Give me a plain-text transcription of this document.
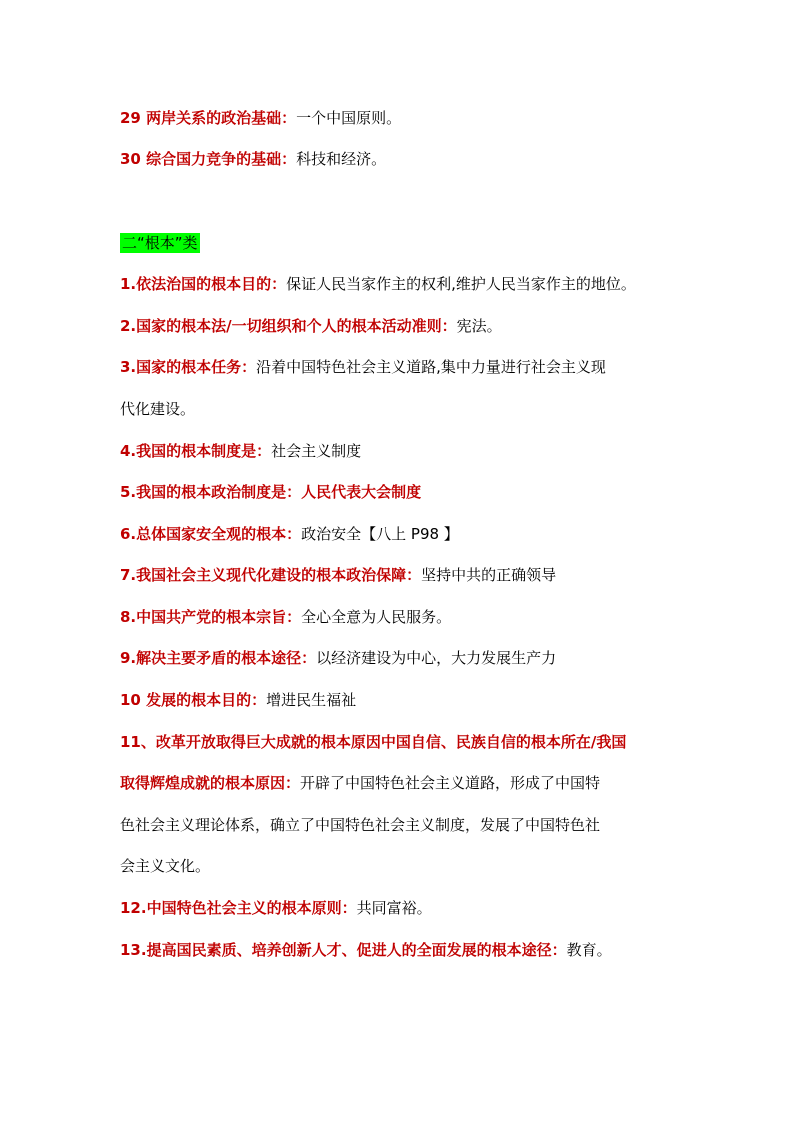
29 两岸关系的政治基础：一个中国原则。
30 综合国力竞争的基础：科技和经济。
二“根本”类
1.依法治国的根本目的：保证人民当家作主的权利,维护人民当家作主的地位。
2.国家的根本法/一切组织和个人的根本活动准则：宪法。
3.国家的根本任务：沿着中国特色社会主义道路,集中力量进行社会主义现
代化建设。
4.我国的根本制度是：社会主义制度
5.我国的根本政治制度是：人民代表大会制度
6.总体国家安全观的根本：政治安全【八上 P98 】
7.我国社会主义现代化建设的根本政治保障：坚持中共的正确领导
8.中国共产党的根本宗旨：全心全意为人民服务。
9.解决主要矛盾的根本途径：以经济建设为中心，大力发展生产力
10 发展的根本目的：增进民生福祉
11、改革开放取得巨大成就的根本原因中国自信、民族自信的根本所在/我国
取得辉煌成就的根本原因：开辟了中国特色社会主义道路，形成了中国特
色社会主义理论体系，确立了中国特色社会主义制度，发展了中国特色社
会主义文化。
12.中国特色社会主义的根本原则：共同富裕。
13.提高国民素质、培养创新人才、促进人的全面发展的根本途径：教育。
